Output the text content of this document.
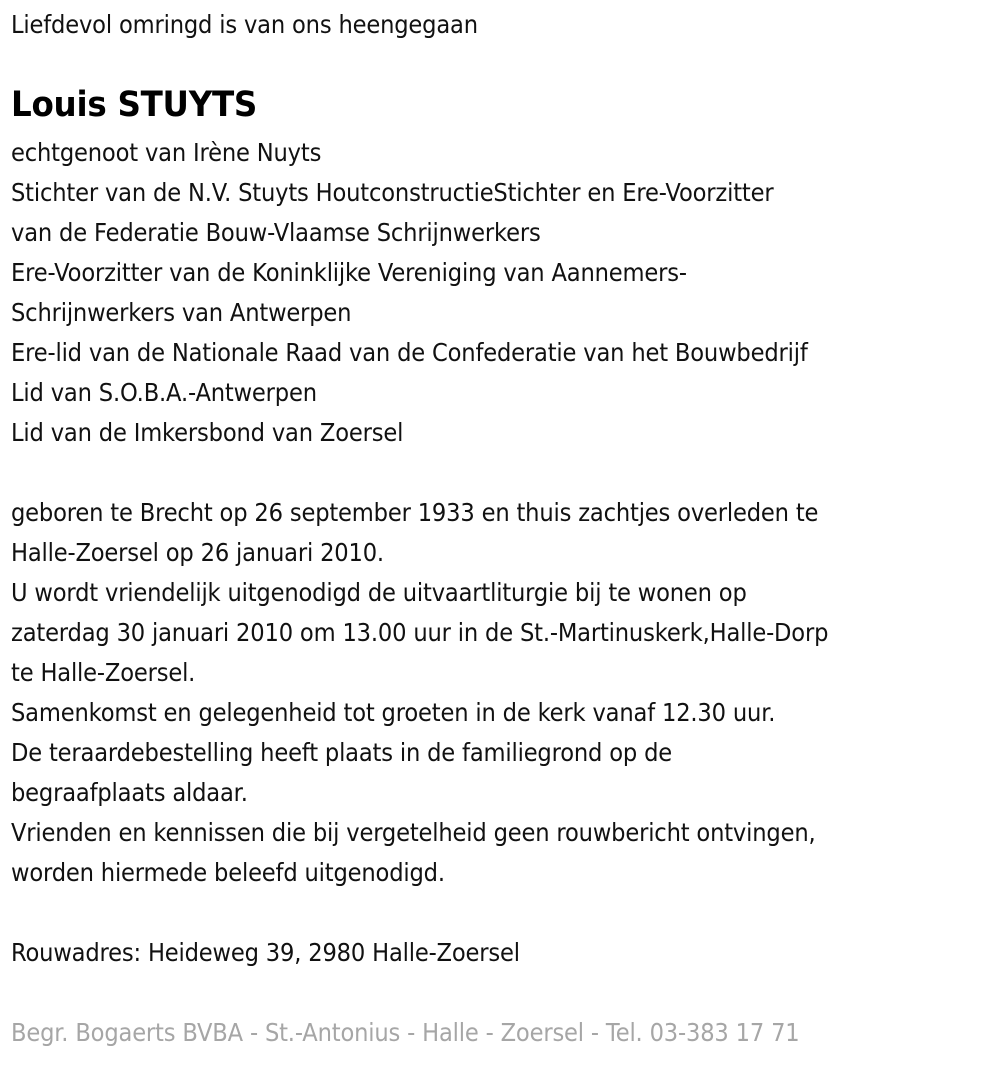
Liefdevol omringd is van ons heengegaan
Louis STUYTS
echtgenoot van Irène Nuyts
Stichter van de N.V. Stuyts HoutconstructieStichter en Ere-Voorzitter
van de Federatie Bouw-Vlaamse Schrijnwerkers
Ere-Voorzitter van de Koninklijke Vereniging van Aannemers-
Schrijnwerkers van Antwerpen
Ere-lid van de Nationale Raad van de Confederatie van het Bouwbedrijf
Lid van S.O.B.A.-Antwerpen
Lid van de Imkersbond van Zoersel
geboren te Brecht op 26 september 1933 en thuis zachtjes overleden te
Halle-Zoersel op 26 januari 2010.
U wordt vriendelijk uitgenodigd de uitvaartliturgie bij te wonen op
zaterdag 30 januari 2010 om 13.00 uur in de St.-Martinuskerk,Halle-Dorp
te Halle-Zoersel.
Samenkomst en gelegenheid tot groeten in de kerk vanaf 12.30 uur.
De teraardebestelling heeft plaats in de familiegrond op de
begraafplaats aldaar.
Vrienden en kennissen die bij vergetelheid geen rouwbericht ontvingen,
worden hiermede beleefd uitgenodigd.
Rouwadres: Heideweg 39, 2980 Halle-Zoersel
Begr. Bogaerts BVBA - St.-Antonius - Halle - Zoersel - Tel. 03-383 17 71
